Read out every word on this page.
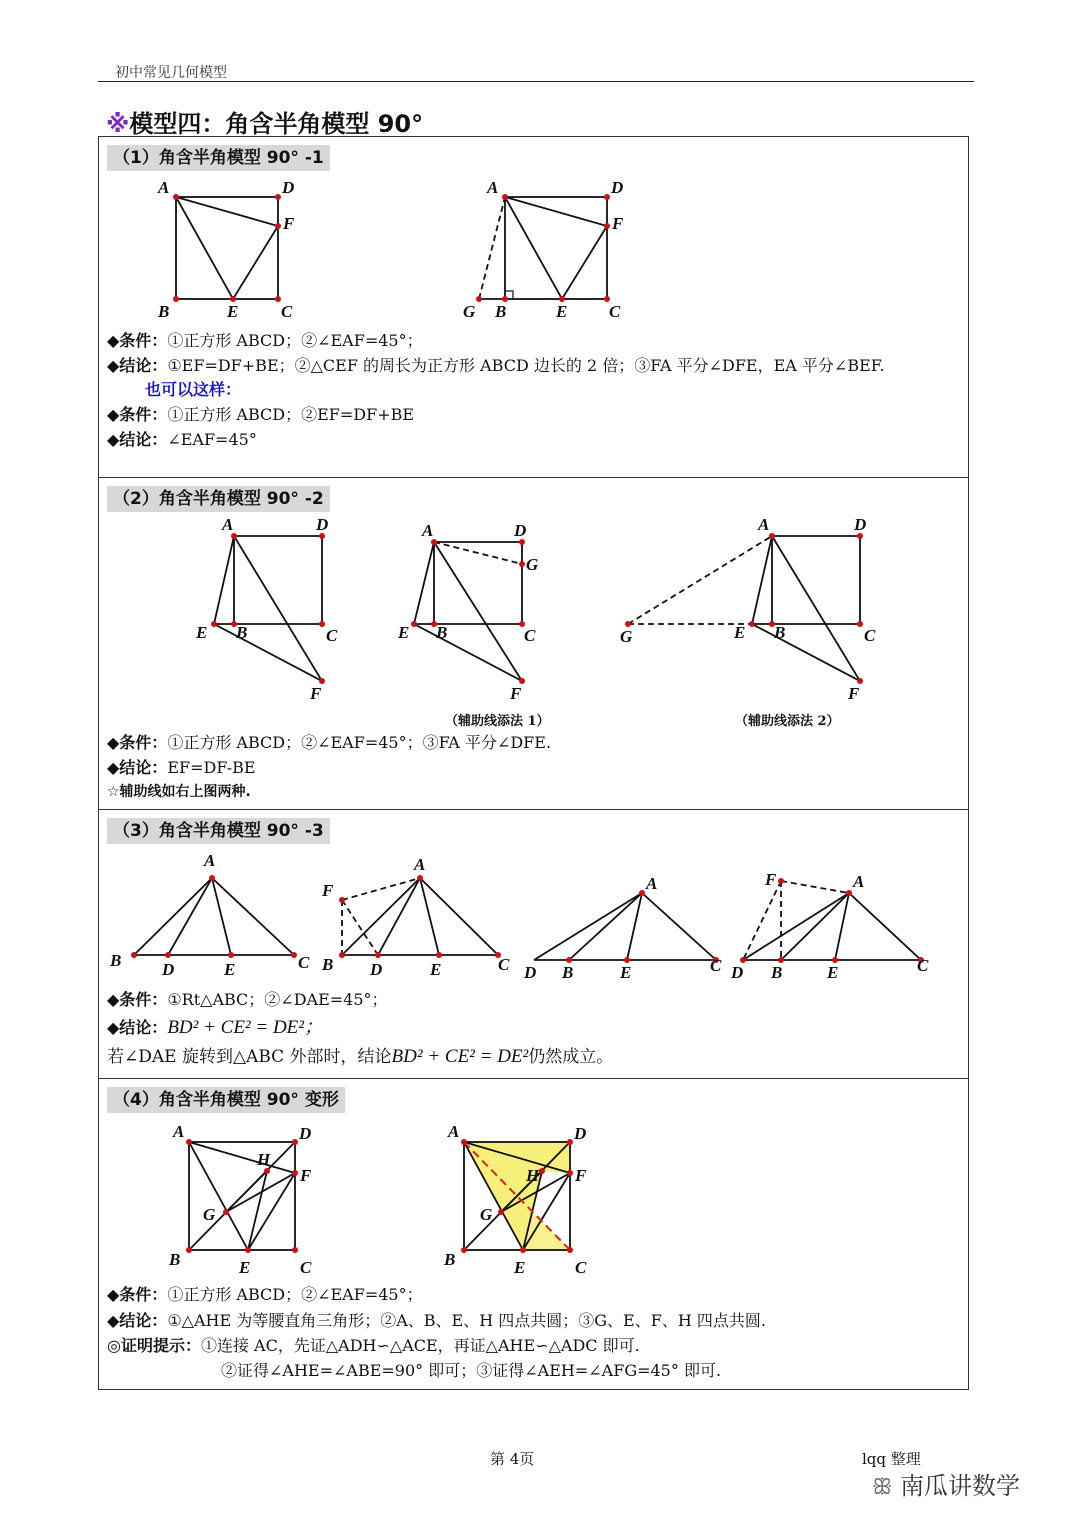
初中常见几何模型
※模型四：角含半角模型 90°
（1）角含半角模型 90° -1
A	D
F
B	E	C
A	D
F
G B	E C
◆条件：①正方形 ABCD；②∠EAF=45°；
◆结论：①EF=DF+BE；②△CEF 的周长为正方形 ABCD 边长的 2 倍；③FA 平分∠DFE，EA 平分∠BEF.
也可以这样：
◆条件：①正方形 ABCD；②EF=DF+BE
◆结论：∠EAF=45°
（2）角含半角模型 90° -2
A	D
E B	C
F
A	D
G
E B	C
F
（辅助线添法 1）
A	D
G	E B	C
F
（辅助线添法 2）
◆条件：①正方形 ABCD；②∠EAF=45°；③FA 平分∠DFE.
◆结论：EF=DF-BE
☆辅助线如右上图两种.
（3）角含半角模型 90° -3
A
B D	E	C
A
F
B D	E	C
A
D B	E	C
A
F
D B	E	C
◆条件：①Rt△ABC；②∠DAE=45°；
◆结论：BD² + CE² = DE²；
若∠DAE 旋转到△ABC 外部时，结论BD² + CE² = DE²仍然成立。
（4）角含半角模型 90° 变形
A	D
H
F
G
B	E	C
A	D
H F
G
B	E	C
◆条件：①正方形 ABCD；②∠EAF=45°；
◆结论：①△AHE 为等腰直角三角形；②A、B、E、H 四点共圆；③G、E、F、H 四点共圆.
◎证明提示：①连接 AC，先证△ADH∽△ACE，再证△AHE∽△ADC 即可.
②证得∠AHE=∠ABE=90° 即可；③证得∠AEH=∠AFG=45° 即可.
第 4页	lqq 整理
ꕥ 南瓜讲数学
